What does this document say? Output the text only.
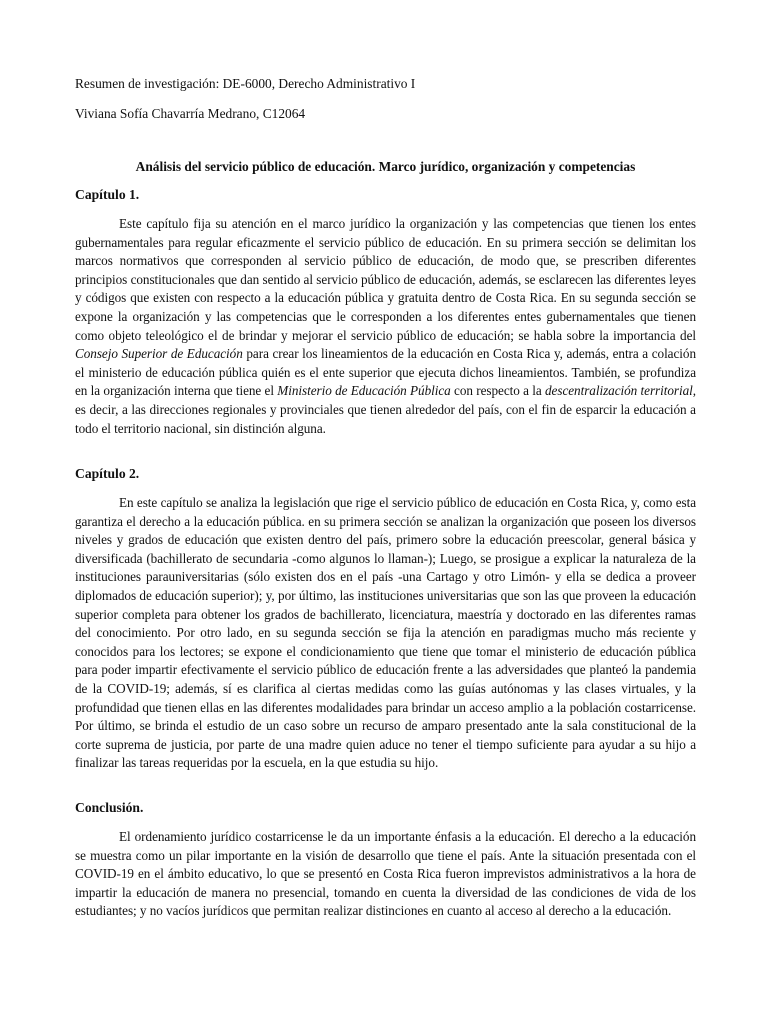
Resumen de investigación: DE-6000, Derecho Administrativo I
Viviana Sofía Chavarría Medrano, C12064
Análisis del servicio público de educación. Marco jurídico, organización y competencias
Capítulo 1.

Este capítulo fija su atención en el marco jurídico la organización y las competencias que tienen los entes gubernamentales para regular eficazmente el servicio público de educación. En su primera sección se delimitan los marcos normativos que corresponden al servicio público de educación, de modo que, se prescriben diferentes principios constitucionales que dan sentido al servicio público de educación, además, se esclarecen las diferentes leyes y códigos que existen con respecto a la educación pública y gratuita dentro de Costa Rica. En su segunda sección se expone la organización y las competencias que le corresponden a los diferentes entes gubernamentales que tienen como objeto teleológico el de brindar y mejorar el servicio público de educación; se habla sobre la importancia del Consejo Superior de Educación para crear los lineamientos de la educación en Costa Rica y, además, entra a colación el ministerio de educación pública quién es el ente superior que ejecuta dichos lineamientos. También, se profundiza en la organización interna que tiene el Ministerio de Educación Pública con respecto a la descentralización territorial, es decir, a las direcciones regionales y provinciales que tienen alrededor del país, con el fin de esparcir la educación a todo el territorio nacional, sin distinción alguna.

Capítulo 2.

En este capítulo se analiza la legislación que rige el servicio público de educación en Costa Rica, y, como esta garantiza el derecho a la educación pública. en su primera sección se analizan la organización que poseen los diversos niveles y grados de educación que existen dentro del país, primero sobre la educación preescolar, general básica y diversificada (bachillerato de secundaria -como algunos lo llaman-); Luego, se prosigue a explicar la naturaleza de la instituciones parauniversitarias (sólo existen dos en el país -una Cartago y otro Limón- y ella se dedica a proveer diplomados de educación superior); y, por último, las instituciones universitarias que son las que proveen la educación superior completa para obtener los grados de bachillerato, licenciatura, maestría y doctorado en las diferentes ramas del conocimiento. Por otro lado, en su segunda sección se fija la atención en paradigmas mucho más reciente y conocidos para los lectores; se expone el condicionamiento que tiene que tomar el ministerio de educación pública para poder impartir efectivamente el servicio público de educación frente a las adversidades que planteó la pandemia de la COVID-19; además, sí es clarifica al ciertas medidas como las guías autónomas y las clases virtuales, y la profundidad que tienen ellas en las diferentes modalidades para brindar un acceso amplio a la población costarricense. Por último, se brinda el estudio de un caso sobre un recurso de amparo presentado ante la sala constitucional de la corte suprema de justicia, por parte de una madre quien aduce no tener el tiempo suficiente para ayudar a su hijo a finalizar las tareas requeridas por la escuela, en la que estudia su hijo.

Conclusión.

El ordenamiento jurídico costarricense le da un importante énfasis a la educación. El derecho a la educación se muestra como un pilar importante en la visión de desarrollo que tiene el país. Ante la situación presentada con el COVID-19 en el ámbito educativo, lo que se presentó en Costa Rica fueron imprevistos administrativos a la hora de impartir la educación de manera no presencial, tomando en cuenta la diversidad de las condiciones de vida de los estudiantes; y no vacíos jurídicos que permitan realizar distinciones en cuanto al acceso al derecho a la educación.
